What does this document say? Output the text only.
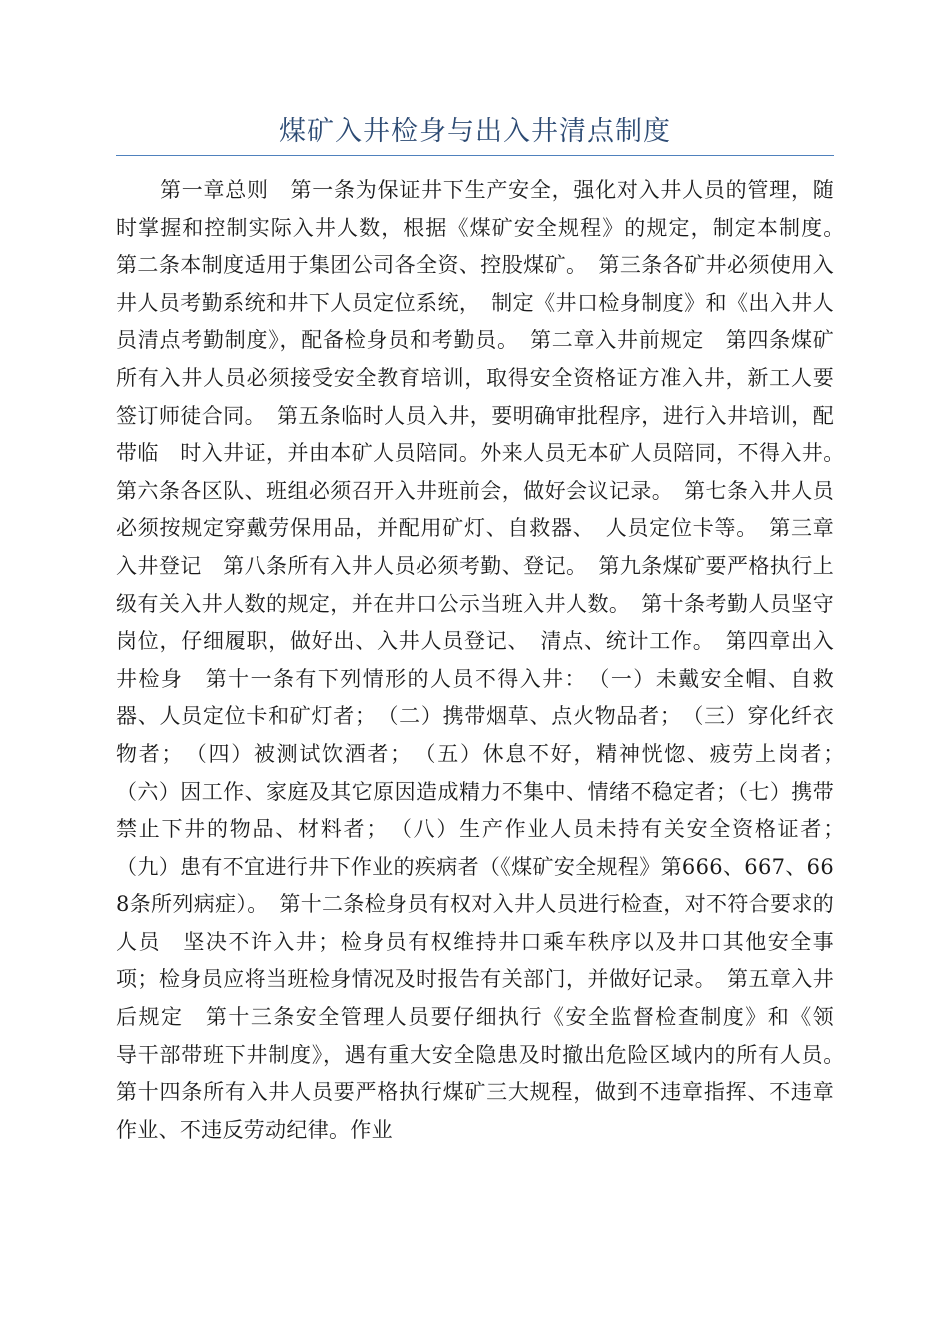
煤矿入井检身与出入井清点制度

第一章总则　第一条为保证井下生产安全，强化对入井人员的管理，随时掌握和控制实际入井人数，根据《煤矿安全规程》的规定，制定本制度。　第二条本制度适用于集团公司各全资、控股煤矿。　第三条各矿井必须使用入井人员考勤系统和井下人员定位系统，　制定《井口检身制度》和《出入井人员清点考勤制度》，配备检身员和考勤员。　第二章入井前规定　第四条煤矿所有入井人员必须接受安全教育培训，取得安全资格证方准入井，新工人要签订师徒合同。　第五条临时人员入井，要明确审批程序，进行入井培训，配带临　时入井证，并由本矿人员陪同。外来人员无本矿人员陪同，不得入井。　第六条各区队、班组必须召开入井班前会，做好会议记录。　第七条入井人员必须按规定穿戴劳保用品，并配用矿灯、自救器、　人员定位卡等。　第三章入井登记　第八条所有入井人员必须考勤、登记。　第九条煤矿要严格执行上级有关入井人数的规定，并在井口公示当班入井人数。　第十条考勤人员坚守岗位，仔细履职，做好出、入井人员登记、　清点、统计工作。　第四章出入井检身　第十一条有下列情形的人员不得入井：　（一）未戴安全帽、自救器、人员定位卡和矿灯者；　（二）携带烟草、点火物品者；　（三）穿化纤衣物者；　（四）被测试饮酒者；　（五）休息不好，精神恍惚、疲劳上岗者；　（六）因工作、家庭及其它原因造成精力不集中、情绪不稳定者；（七）携带禁止下井的物品、材料者；　（八）生产作业人员未持有关安全资格证者；　（九）患有不宜进行井下作业的疾病者（《煤矿安全规程》第666、667、668条所列病症）。　第十二条检身员有权对入井人员进行检查，对不符合要求的人员　坚决不许入井；检身员有权维持井口乘车秩序以及井口其他安全事项；检身员应将当班检身情况及时报告有关部门，并做好记录。　第五章入井后规定　第十三条安全管理人员要仔细执行《安全监督检查制度》和《领　导干部带班下井制度》，遇有重大安全隐患及时撤出危险区域内的所有人员。　第十四条所有入井人员要严格执行煤矿三大规程，做到不违章指挥、不违章作业、不违反劳动纪律。作业
